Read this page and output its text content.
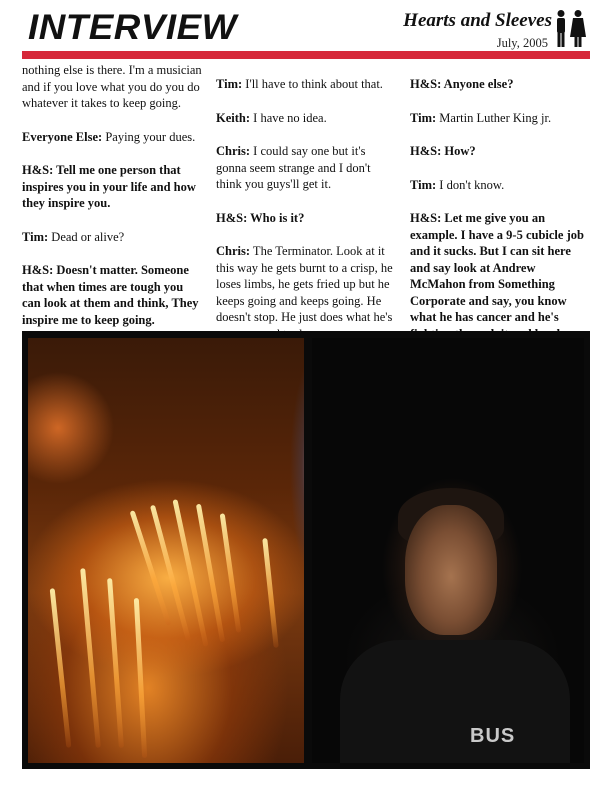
INTERVIEW	Hearts and Sleeves
July, 2005

nothing else is there. I'm a musician and if you love what you do you do whatever it takes to keep going.

Everyone Else: Paying your dues.

H&S: Tell me one person that inspires you in your life and how they inspire you.

Tim: Dead or alive?

H&S: Doesn't matter. Someone that when times are tough you can look at them and think, They inspire me to keep going.

Tim: I'll have to think about that.

Keith: I have no idea.

Chris: I could say one but it's gonna seem strange and I don't think you guys'll get it.

H&S: Who is it?

Chris: The Terminator. Look at it this way he gets burnt to a crisp, he loses limbs, he gets fried up but he keeps going and keeps going. He doesn't stop. He just does what he's

H&S: Anyone else?

Tim: Martin Luther King jr.

H&S: How?

Tim: I don't know.

H&S: Let me give you an example. I have a 9-5 cubicle job and it sucks. But I can sit here and say look at Andrew McMahon from Something Corporate and say, you know what he has cancer and he's

BUS
